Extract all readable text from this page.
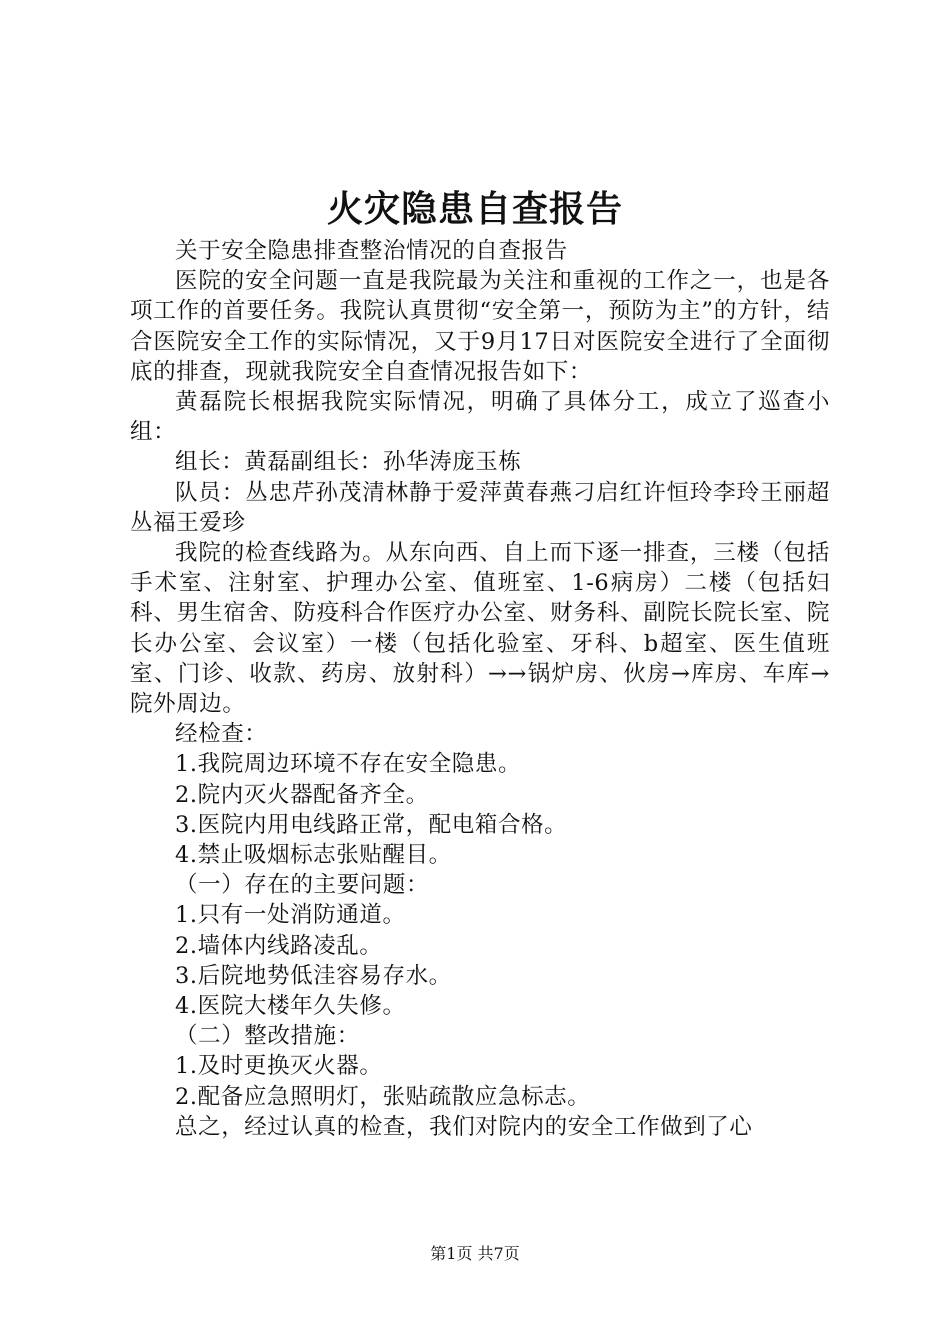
火灾隐患自查报告

关于安全隐患排查整治情况的自查报告

医院的安全问题一直是我院最为关注和重视的工作之一，也是各项工作的首要任务。我院认真贯彻“安全第一，预防为主”的方针，结合医院安全工作的实际情况，又于9月17日对医院安全进行了全面彻底的排查，现就我院安全自查情况报告如下：

黄磊院长根据我院实际情况，明确了具体分工，成立了巡查小组：

组长：黄磊副组长：孙华涛庞玉栋

队员：丛忠芹孙茂清林静于爱萍黄春燕刁启红许恒玲李玲王丽超丛福王爱珍

我院的检查线路为。从东向西、自上而下逐一排查，三楼（包括手术室、注射室、护理办公室、值班室、1-6病房）二楼（包括妇科、男生宿舍、防疫科合作医疗办公室、财务科、副院长院长室、院长办公室、会议室）一楼（包括化验室、牙科、b超室、医生值班室、门诊、收款、药房、放射科）→→锅炉房、伙房→库房、车库→院外周边。

经检查：

1.我院周边环境不存在安全隐患。

2.院内灭火器配备齐全。

3.医院内用电线路正常，配电箱合格。

4.禁止吸烟标志张贴醒目。

（一）存在的主要问题：

1.只有一处消防通道。

2.墙体内线路凌乱。

3.后院地势低洼容易存水。

4.医院大楼年久失修。

（二）整改措施：

1.及时更换灭火器。

2.配备应急照明灯，张贴疏散应急标志。

总之，经过认真的检查，我们对院内的安全工作做到了心

第1页 共7页
